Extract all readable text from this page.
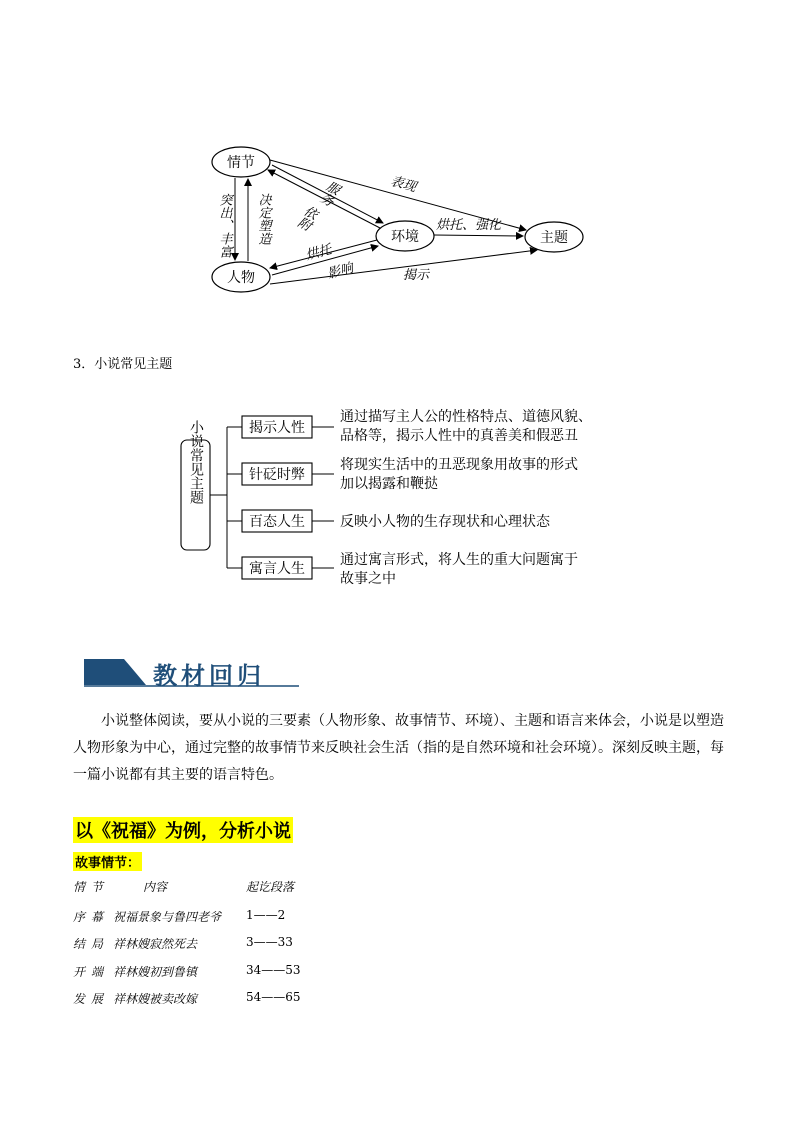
情节
人物
环境	主题
表现
突出、丰富 决定塑造 依附
服务
烘托
影响
烘托、强化
揭示
3．小说常见主题
小说常见主题	揭示人性
通过描写主人公的性格特点、道德风貌、
品格等，揭示人性中的真善美和假恶丑
针砭时弊
将现实生活中的丑恶现象用故事的形式
加以揭露和鞭挞
百态人生	反映小人物的生存现状和心理状态
寓言人生
通过寓言形式，将人生的重大问题寓于
故事之中
教材回归
小说整体阅读，要从小说的三要素（人物形象、故事情节、环境）、主题和语言来体会，小说是以塑造人物形象为中心，通过完整的故事情节来反映社会生活（指的是自然环境和社会环境）。深刻反映主题，每一篇小说都有其主要的语言特色。
以《祝福》为例，分析小说
故事情节：
情节	内容	起讫段落
序幕 祝福景象与鲁四老爷	1——2
结局 祥林嫂寂然死去	3——33
开端 祥林嫂初到鲁镇	34——53
发展 祥林嫂被卖改嫁	54——65
